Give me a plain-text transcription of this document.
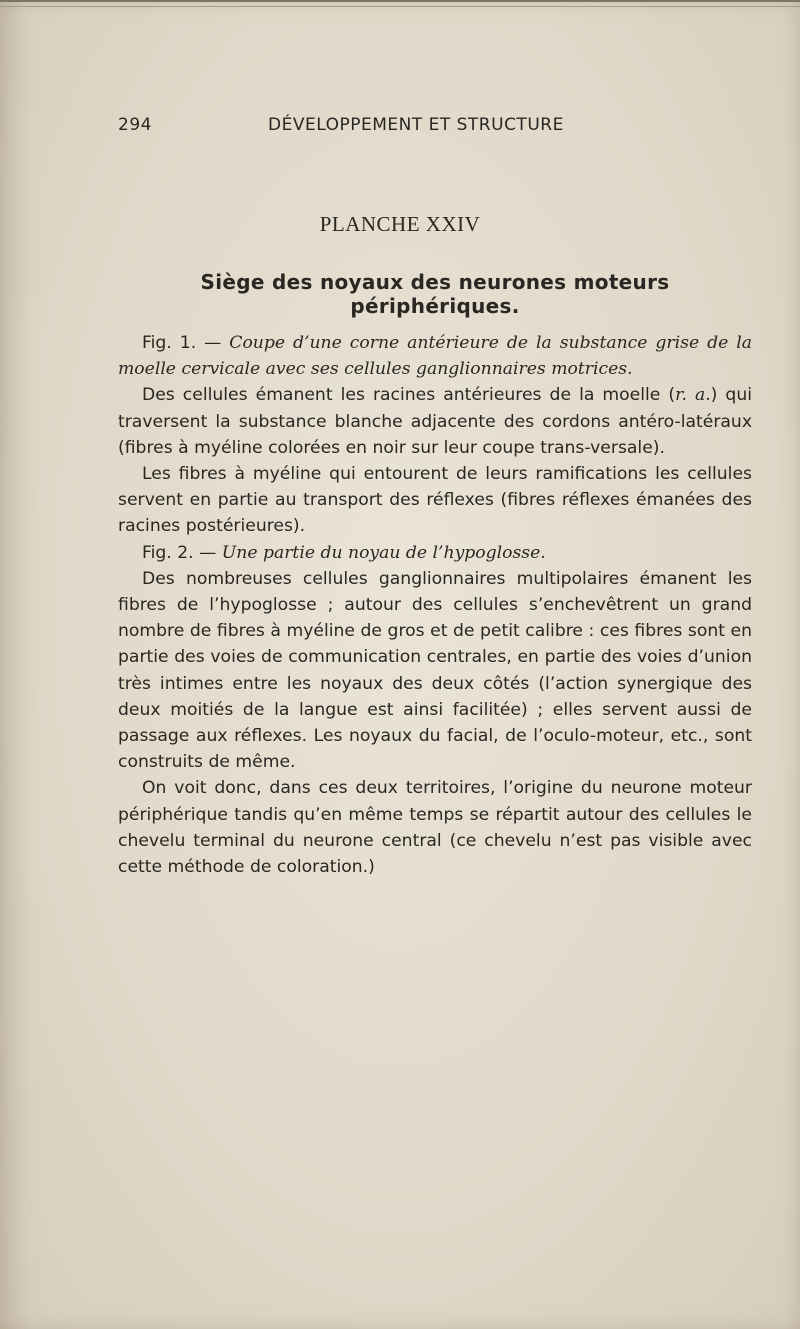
294	DÉVELOPPEMENT ET STRUCTURE
PLANCHE XXIV
Siège des noyaux des neurones moteurs périphériques.

Fig. 1. — Coupe d’une corne antérieure de la substance grise de la moelle cervicale avec ses cellules ganglionnaires motrices.

Des cellules émanent les racines antérieures de la moelle (r. a.) qui traversent la substance blanche adjacente des cordons antéro-latéraux (fibres à myéline colorées en noir sur leur coupe trans-versale).

Les fibres à myéline qui entourent de leurs ramifications les cellules servent en partie au transport des réflexes (fibres réflexes émanées des racines postérieures).

Fig. 2. — Une partie du noyau de l’hypoglosse.

Des nombreuses cellules ganglionnaires multipolaires émanent les fibres de l’hypoglosse ; autour des cellules s’enchevêtrent un grand nombre de fibres à myéline de gros et de petit calibre : ces fibres sont en partie des voies de communication centrales, en partie des voies d’union très intimes entre les noyaux des deux côtés (l’action synergique des deux moitiés de la langue est ainsi facilitée) ; elles servent aussi de passage aux réflexes. Les noyaux du facial, de l’oculo-moteur, etc., sont construits de même.

On voit donc, dans ces deux territoires, l’origine du neurone moteur périphérique tandis qu’en même temps se répartit autour des cellules le chevelu terminal du neurone central (ce chevelu n’est pas visible avec cette méthode de coloration.)
